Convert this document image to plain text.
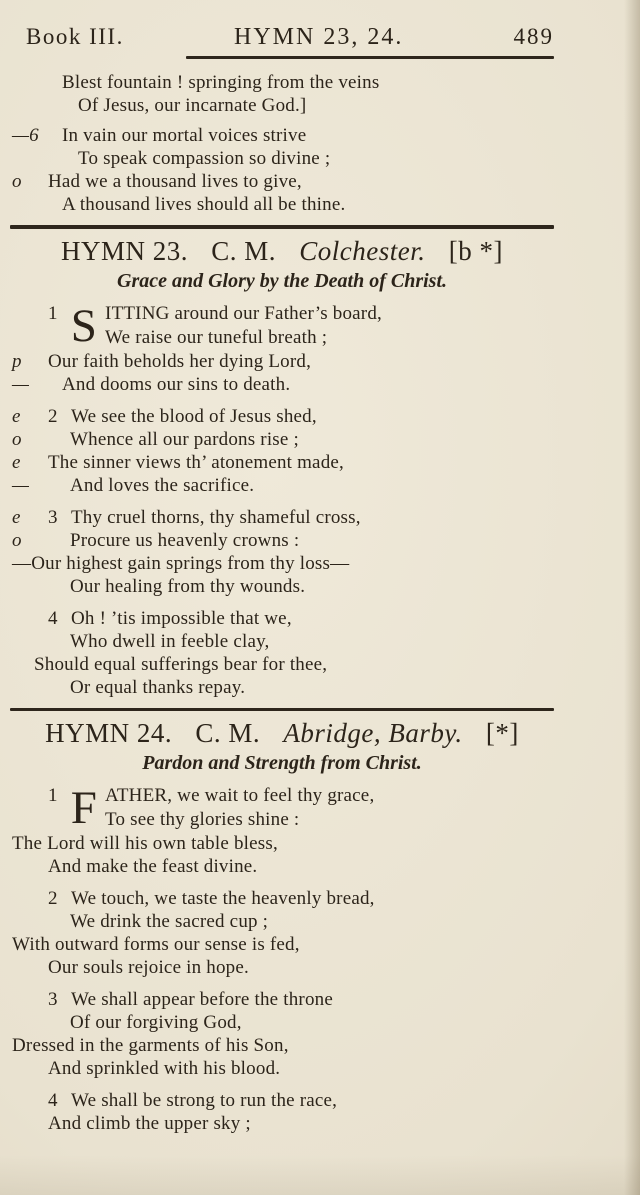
Book III.	HYMN 23, 24.	489
Blest fountain ! springing from the veins
Of Jesus, our incarnate God.]
—6 In vain our mortal voices strive
To speak compassion so divine ;
o Had we a thousand lives to give,
A thousand lives should all be thine.
HYMN 23. C. M. Colchester. [b *]
Grace and Glory by the Death of Christ.
1 S ITTING around our Father’s board,
We raise our tuneful breath ;
p Our faith beholds her dying Lord,
— And dooms our sins to death.
e 2 We see the blood of Jesus shed,
o	Whence all our pardons rise ;
e The sinner views th’ atonement made,
— And loves the sacrifice.
e 3 Thy cruel thorns, thy shameful cross,
o	Procure us heavenly crowns :
—Our highest gain springs from thy loss—
Our healing from thy wounds.
4 Oh ! ’tis impossible that we,
Who dwell in feeble clay,
Should equal sufferings bear for thee,
Or equal thanks repay.
HYMN 24. C. M. Abridge, Barby. [*]
Pardon and Strength from Christ.
1 F ATHER, we wait to feel thy grace,
To see thy glories shine :
The Lord will his own table bless,
And make the feast divine.
2 We touch, we taste the heavenly bread,
We drink the sacred cup ;
With outward forms our sense is fed,
Our souls rejoice in hope.
3 We shall appear before the throne
Of our forgiving God,
Dressed in the garments of his Son,
And sprinkled with his blood.
4 We shall be strong to run the race,
And climb the upper sky ;
